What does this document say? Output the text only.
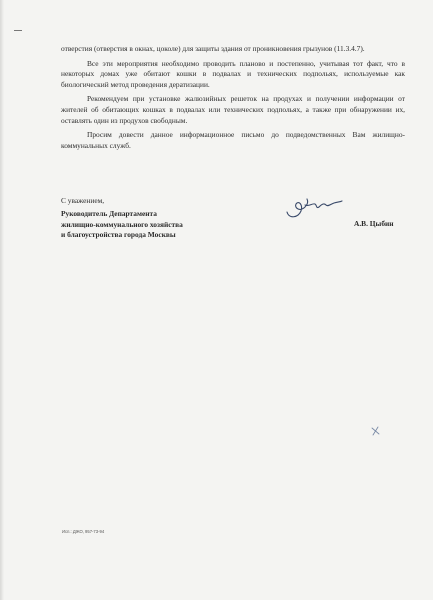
отверстия (отверстия в окнах, цоколе) для защиты здания от проникновения грызунов (11.3.4.7).

Все эти мероприятия необходимо проводить планово и постепенно, учитывая тот факт, что в некоторых домах уже обитают кошки в подвалах и технических подпольях, используемые как биологический метод проведения дератизации.

Рекомендуем при установке жалюзийных решеток на продухах и получении информации от жителей об обитающих кошках в подвалах или технических подпольях, а также при обнаружении их, оставлять один из продухов свободным.

Просим довести данное информационное письмо до подведомственных Вам жилищно-коммунальных служб.

С уважением,

Руководитель Департамента

жилищно-коммунального хозяйства

и благоустройства города Москвы

А.В. Цыбин
Исп.: ДЖО, 957-73-94
